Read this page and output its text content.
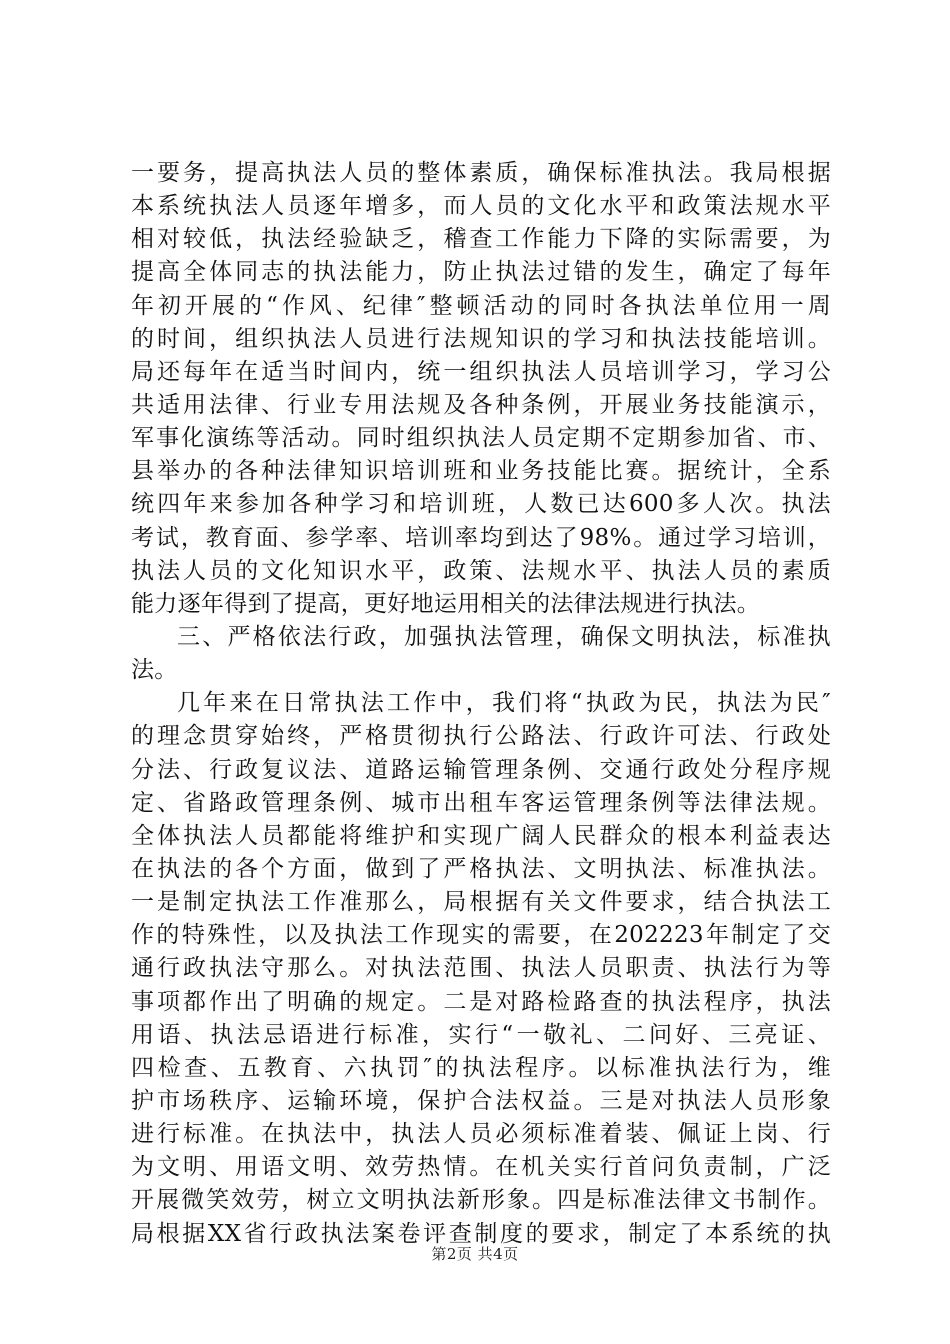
一要务，提高执法人员的整体素质，确保标准执法。我局根据
本系统执法人员逐年增多，而人员的文化水平和政策法规水平
相对较低，执法经验缺乏，稽查工作能力下降的实际需要，为
提高全体同志的执法能力，防止执法过错的发生，确定了每年
年初开展的“作风、纪律″整顿活动的同时各执法单位用一周
的时间，组织执法人员进行法规知识的学习和执法技能培训。
局还每年在适当时间内，统一组织执法人员培训学习，学习公
共适用法律、行业专用法规及各种条例，开展业务技能演示，
军事化演练等活动。同时组织执法人员定期不定期参加省、市、
县举办的各种法律知识培训班和业务技能比赛。据统计，全系
统四年来参加各种学习和培训班，人数已达600多人次。执法
考试，教育面、参学率、培训率均到达了98%。通过学习培训，
执法人员的文化知识水平，政策、法规水平、执法人员的素质
能力逐年得到了提高，更好地运用相关的法律法规进行执法。
三、严格依法行政，加强执法管理，确保文明执法，标准执
法。
几年来在日常执法工作中，我们将“执政为民，执法为民″
的理念贯穿始终，严格贯彻执行公路法、行政许可法、行政处
分法、行政复议法、道路运输管理条例、交通行政处分程序规
定、省路政管理条例、城市出租车客运管理条例等法律法规。
全体执法人员都能将维护和实现广阔人民群众的根本利益表达
在执法的各个方面，做到了严格执法、文明执法、标准执法。
一是制定执法工作准那么，局根据有关文件要求，结合执法工
作的特殊性，以及执法工作现实的需要，在202223年制定了交
通行政执法守那么。对执法范围、执法人员职责、执法行为等
事项都作出了明确的规定。二是对路检路查的执法程序，执法
用语、执法忌语进行标准，实行“一敬礼、二问好、三亮证、
四检查、五教育、六执罚″的执法程序。以标准执法行为，维
护市场秩序、运输环境，保护合法权益。三是对执法人员形象
进行标准。在执法中，执法人员必须标准着装、佩证上岗、行
为文明、用语文明、效劳热情。在机关实行首问负责制，广泛
开展微笑效劳，树立文明执法新形象。四是标准法律文书制作。
局根据XX省行政执法案卷评查制度的要求，制定了本系统的执
第2页 共4页
